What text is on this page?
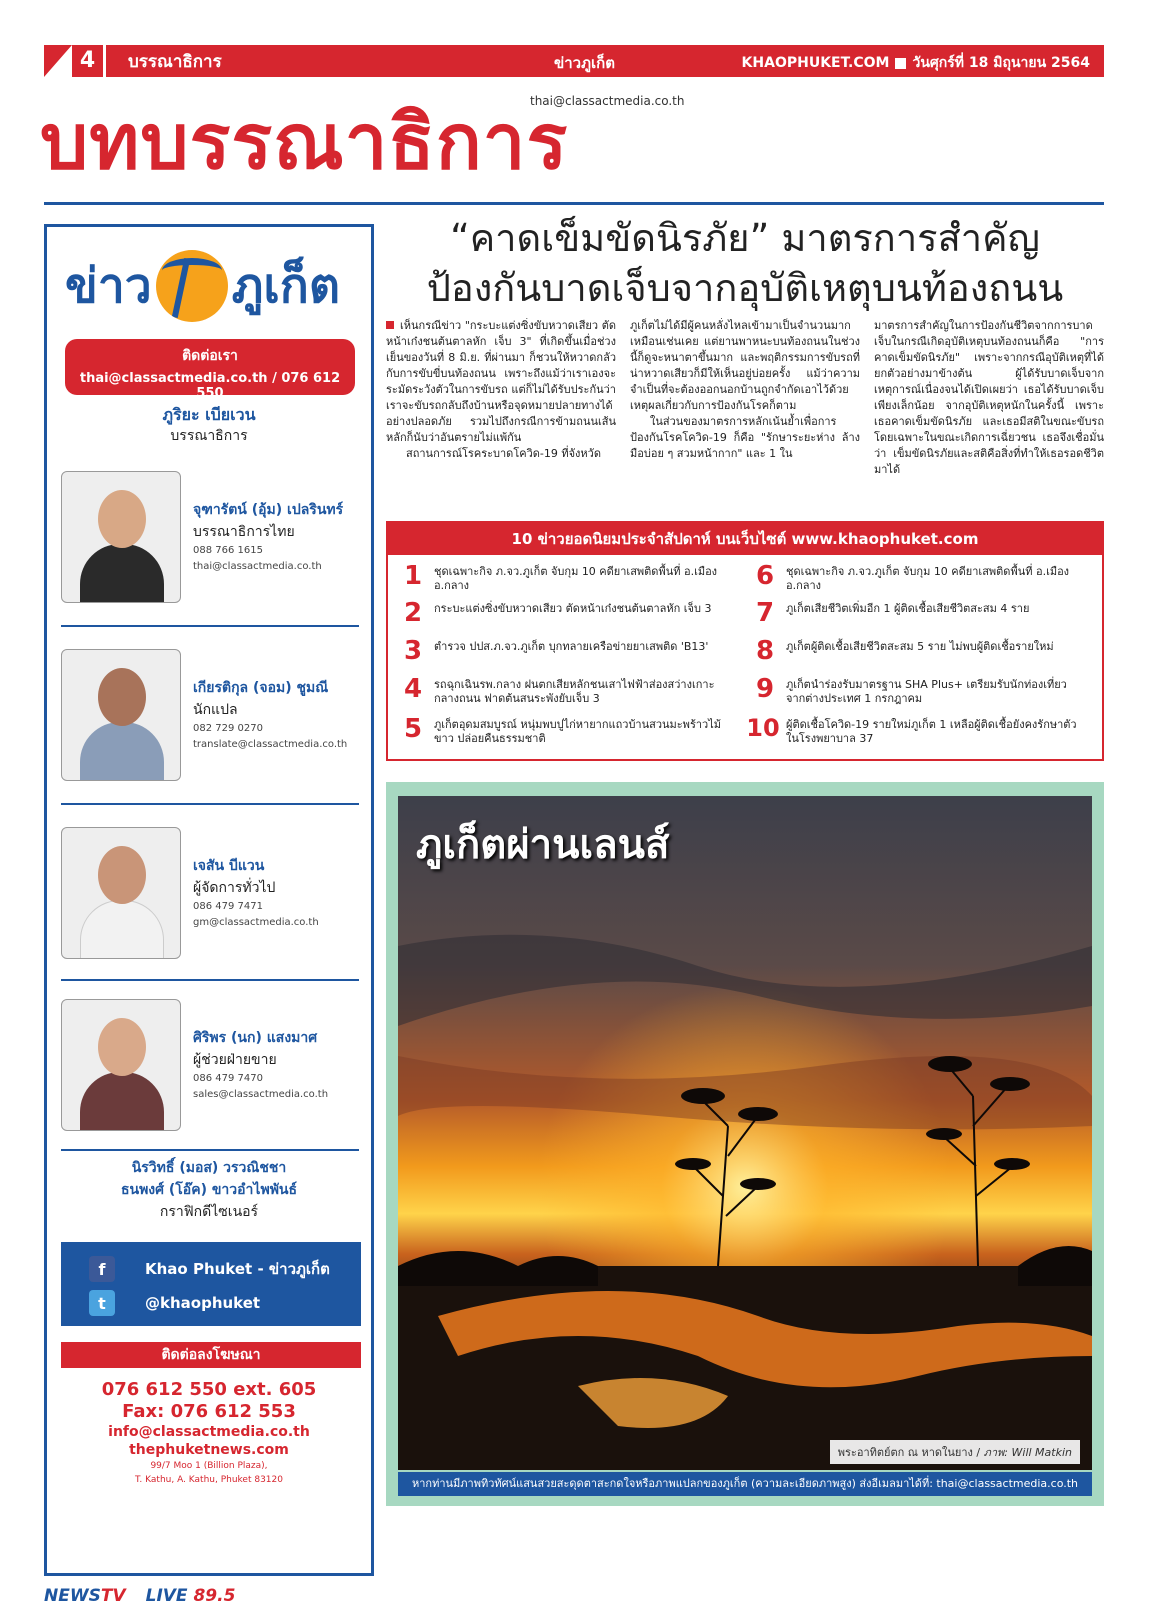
4	บรรณาธิการ	ข่าวภูเก็ต	KHAOPHUKET.COM วันศุกร์ที่ 18 มิถุนายน 2564
thai@classactmedia.co.th
บทบรรณาธิการ
ข่าว ภูเก็ต
ติดต่อเรา
thai@classactmedia.co.th / 076 612 550
ภูริยะ เบียเวน
บรรณาธิการ
จุฑารัตน์ (อุ้ม) เปลรินทร์
บรรณาธิการไทย
088 766 1615
thai@classactmedia.co.th
เกียรติกุล (จอม) ชูมณี
นักแปล
082 729 0270
translate@classactmedia.co.th
เจสัน บีแวน
ผู้จัดการทั่วไป
086 479 7471
gm@classactmedia.co.th
ศิริพร (นก) แสงมาศ
ผู้ช่วยฝ่ายขาย
086 479 7470
sales@classactmedia.co.th
นิรวิทธิ์ (มอส) วรวณิชชา
ธนพงศ์ (โอ๊ค) ขาวอำไพพันธ์
กราฟิกดีไซเนอร์
f	Khao Phuket - ข่าวภูเก็ต
t	@khaophuket
ติดต่อลงโฆษณา
076 612 550 ext. 605
Fax: 076 612 553
info@classactmedia.co.th
thephuketnews.com
99/7 Moo 1 (Billion Plaza),
T. Kathu, A. Kathu, Phuket 83120
NEWSTV LIVE 89.5
“คาดเข็มขัดนิรภัย” มาตรการสำคัญ
ป้องกันบาดเจ็บจากอุบัติเหตุบนท้องถนน
เห็นกรณีข่าว "กระบะแต่งซิ่งขับหวาดเสียว ตัดหน้าเก๋งชนต้นตาลหัก เจ็บ 3" ที่เกิดขึ้นเมื่อช่วงเย็นของวันที่ 8 มิ.ย. ที่ผ่านมา ก็ชวนให้หวาดกลัวกับการขับขี่บนท้องถนน เพราะถึงแม้ว่าเราเองจะระมัดระวังตัวในการขับรถ แต่ก็ไม่ได้รับประกันว่า เราจะขับรถกลับถึงบ้านหรือจุดหมายปลายทางได้อย่างปลอดภัย รวมไปถึงกรณีการข้ามถนนเส้นหลักก็นับว่าอันตรายไม่แพ้กัน
สถานการณ์โรคระบาดโควิด-19 ที่จังหวัด
ภูเก็ตไม่ได้มีผู้คนหลั่งไหลเข้ามาเป็นจำนวนมากเหมือนเช่นเคย แต่ยานพาหนะบนท้องถนนในช่วงนี้ก็ดูจะหนาตาขึ้นมาก และพฤติกรรมการขับรถที่น่าหวาดเสียวก็มีให้เห็นอยู่บ่อยครั้ง แม้ว่าความจำเป็นที่จะต้องออกนอกบ้านถูกจำกัดเอาไว้ด้วยเหตุผลเกี่ยวกับการป้องกันโรคก็ตาม
ในส่วนของมาตรการหลักเน้นย้ำเพื่อการป้องกันโรคโควิด-19 ก็คือ "รักษาระยะห่าง ล้างมือบ่อย ๆ สวมหน้ากาก" และ 1 ใน
มาตรการสำคัญในการป้องกันชีวิตจากการบาดเจ็บในกรณีเกิดอุบัติเหตุบนท้องถนนก็คือ "การคาดเข็มขัดนิรภัย" เพราะจากกรณีอุบัติเหตุที่ได้ยกตัวอย่างมาข้างต้น ผู้ได้รับบาดเจ็บจากเหตุการณ์เนื่องจนได้เปิดเผยว่า เธอได้รับบาดเจ็บเพียงเล็กน้อย จากอุบัติเหตุหนักในครั้งนี้ เพราะเธอคาดเข็มขัดนิรภัย และเธอมีสติในขณะขับรถ โดยเฉพาะในขณะเกิดการเฉี่ยวชน เธอจึงเชื่อมั่นว่า เข็มขัดนิรภัยและสติคือสิ่งที่ทำให้เธอรอดชีวิตมาได้
10 ข่าวยอดนิยมประจำสัปดาห์ บนเว็บไซต์ www.khaophuket.com
1	ชุดเฉพาะกิจ ภ.จว.ภูเก็ต จับกุม 10 คดียาเสพติดพื้นที่ อ.เมือง อ.กลาง
2	กระบะแต่งซิ่งขับหวาดเสียว ตัดหน้าเก๋งชนต้นตาลหัก เจ็บ 3
3	ตำรวจ ปปส.ภ.จว.ภูเก็ต บุกทลายเครือข่ายยาเสพติด 'B13'
4	รถฉุกเฉินรพ.กลาง ฝนตกเสียหลักชนเสาไฟฟ้าส่องสว่างเกาะกลางถนน ฟาดต้นสนระพังยับเจ็บ 3
5	ภูเก็ตอุดมสมบูรณ์ หนุ่มพบปูไก่หายากแถวบ้านสวนมะพร้าวไม้ขาว ปล่อยคืนธรรมชาติ
6	ชุดเฉพาะกิจ ภ.จว.ภูเก็ต จับกุม 10 คดียาเสพติดพื้นที่ อ.เมือง อ.กลาง
7	ภูเก็ตเสียชีวิตเพิ่มอีก 1 ผู้ติดเชื้อเสียชีวิตสะสม 4 ราย
8	ภูเก็ตผู้ติดเชื้อเสียชีวิตสะสม 5 ราย ไม่พบผู้ติดเชื้อรายใหม่
9	ภูเก็ตนำร่องรับมาตรฐาน SHA Plus+ เตรียมรับนักท่องเที่ยวจากต่างประเทศ 1 กรกฎาคม
10 ผู้ติดเชื้อโควิด-19 รายใหม่ภูเก็ต 1 เหลือผู้ติดเชื้อยังคงรักษาตัวในโรงพยาบาล 37
ภูเก็ตผ่านเลนส์
พระอาทิตย์ตก ณ หาดในยาง / ภาพ: Will Matkin
หากท่านมีภาพทิวทัศน์แสนสวยสะดุดตาสะกดใจหรือภาพแปลกของภูเก็ต (ความละเอียดภาพสูง) ส่งอีเมลมาได้ที่: thai@classactmedia.co.th
